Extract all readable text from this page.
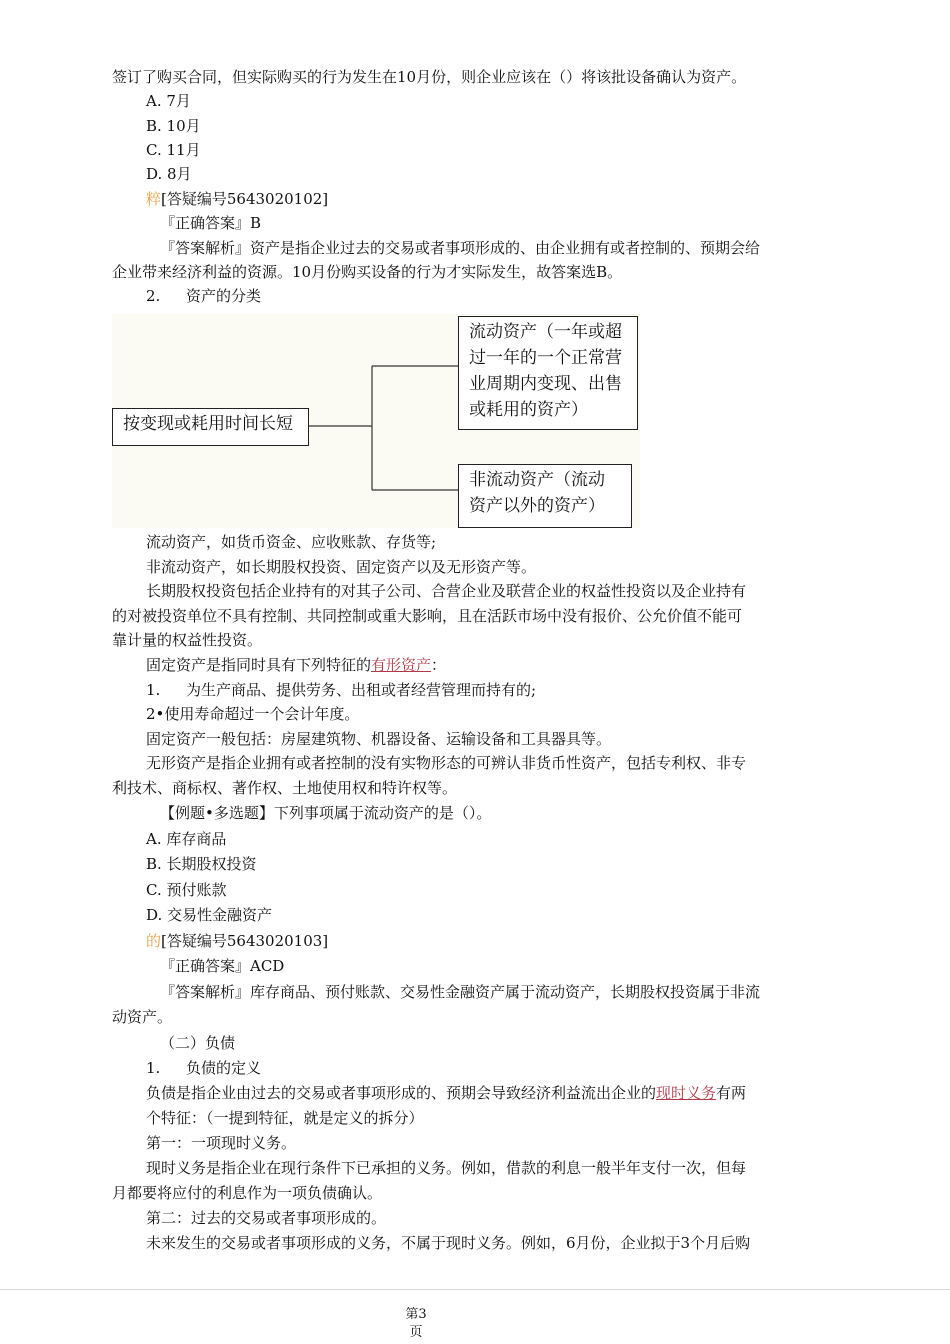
签订了购买合同，但实际购买的行为发生在10月份，则企业应该在（）将该批设备确认为资产。
A. 7月
B. 10月
C. 11月
D. 8月
粹[答疑编号5643020102]
『正确答案』B
『答案解析』资产是指企业过去的交易或者事项形成的、由企业拥有或者控制的、预期会给
企业带来经济利益的资源。10月份购买设备的行为才实际发生，故答案选B。
2. 资产的分类
按变现或耗用时间长短
流动资产（一年或超过一年的一个正常营业周期内变现、出售或耗用的资产）
非流动资产（流动资产以外的资产）
流动资产，如货币资金、应收账款、存货等;
非流动资产，如长期股权投资、固定资产以及无形资产等。
长期股权投资包括企业持有的对其子公司、合营企业及联营企业的权益性投资以及企业持有
的对被投资单位不具有控制、共同控制或重大影响，且在活跃市场中没有报价、公允价值不能可
靠计量的权益性投资。
固定资产是指同时具有下列特征的有形资产：
1. 为生产商品、提供劳务、出租或者经营管理而持有的;
2•使用寿命超过一个会计年度。
固定资产一般包括：房屋建筑物、机器设备、运输设备和工具器具等。
无形资产是指企业拥有或者控制的没有实物形态的可辨认非货币性资产，包括专利权、非专
利技术、商标权、著作权、土地使用权和特许权等。
【例题•多选题】下列事项属于流动资产的是（）。
A. 库存商品
B. 长期股权投资
C. 预付账款
D. 交易性金融资产
的[答疑编号5643020103]
『正确答案』ACD
『答案解析』库存商品、预付账款、交易性金融资产属于流动资产，长期股权投资属于非流
动资产。
（二）负债
1. 负债的定义
负债是指企业由过去的交易或者事项形成的、预期会导致经济利益流出企业的现时义务有两
个特征：（一提到特征，就是定义的拆分）
第一：一项现时义务。
现时义务是指企业在现行条件下已承担的义务。例如，借款的利息一般半年支付一次，但每
月都要将应付的利息作为一项负债确认。
第二：过去的交易或者事项形成的。
未来发生的交易或者事项形成的义务，不属于现时义务。例如，6月份，企业拟于3个月后购
第3
页
